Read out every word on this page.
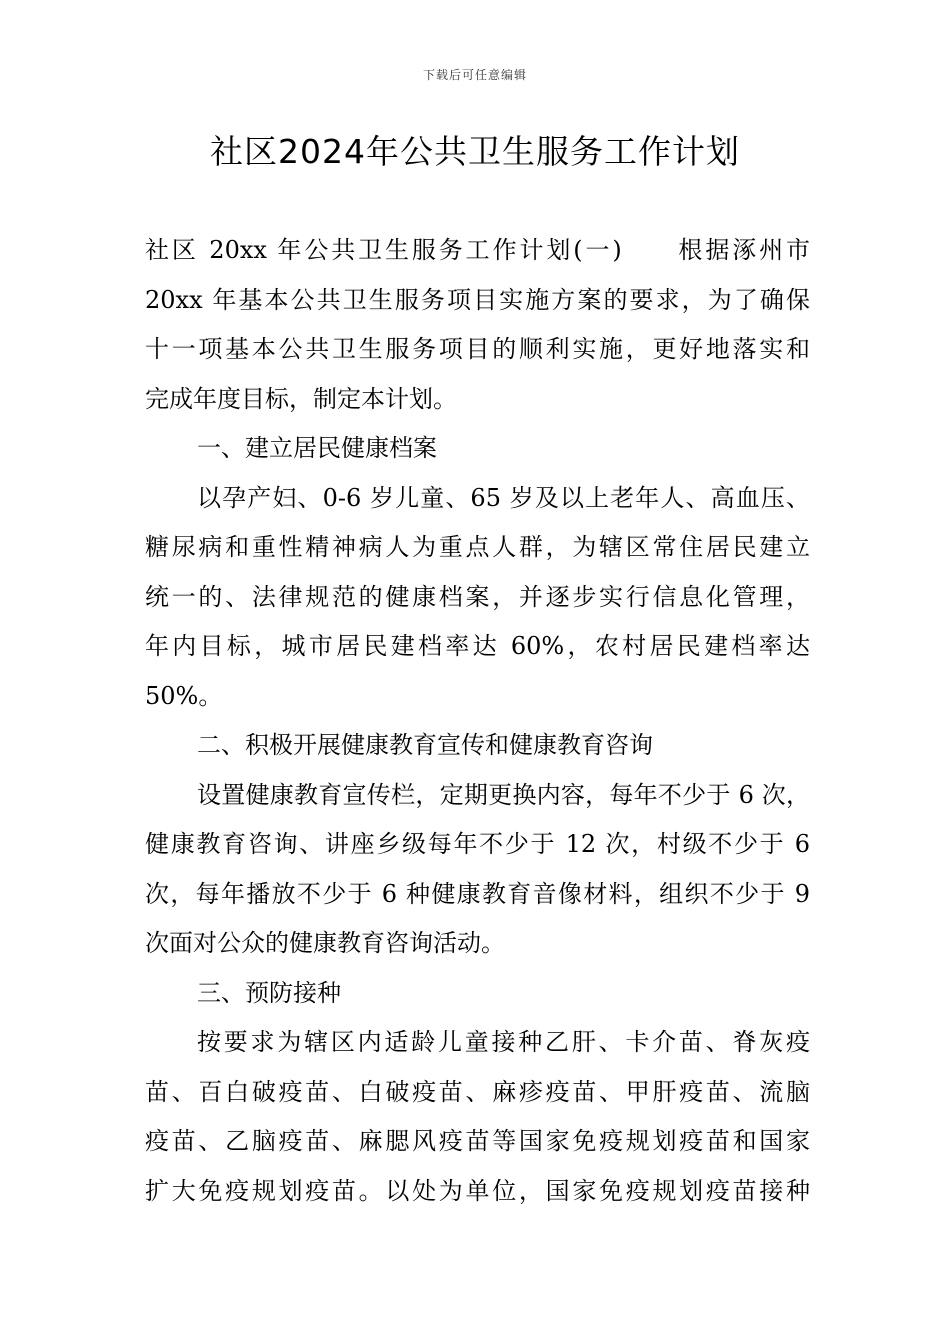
下载后可任意编辑
社区2024年公共卫生服务工作计划
社区 20xx 年公共卫生服务工作计划(一)　　根据涿州市
20xx 年基本公共卫生服务项目实施方案的要求，为了确保
十一项基本公共卫生服务项目的顺利实施，更好地落实和
完成年度目标，制定本计划。
一、建立居民健康档案
以孕产妇、0-6 岁儿童、65 岁及以上老年人、高血压、
糖尿病和重性精神病人为重点人群，为辖区常住居民建立
统一的、法律规范的健康档案，并逐步实行信息化管理，
年内目标，城市居民建档率达 60%，农村居民建档率达
50%。
二、积极开展健康教育宣传和健康教育咨询
设置健康教育宣传栏，定期更换内容，每年不少于 6 次，
健康教育咨询、讲座乡级每年不少于 12 次，村级不少于 6
次，每年播放不少于 6 种健康教育音像材料，组织不少于 9
次面对公众的健康教育咨询活动。
三、预防接种
按要求为辖区内适龄儿童接种乙肝、卡介苗、脊灰疫
苗、百白破疫苗、白破疫苗、麻疹疫苗、甲肝疫苗、流脑
疫苗、乙脑疫苗、麻腮风疫苗等国家免疫规划疫苗和国家
扩大免疫规划疫苗。以处为单位，国家免疫规划疫苗接种
